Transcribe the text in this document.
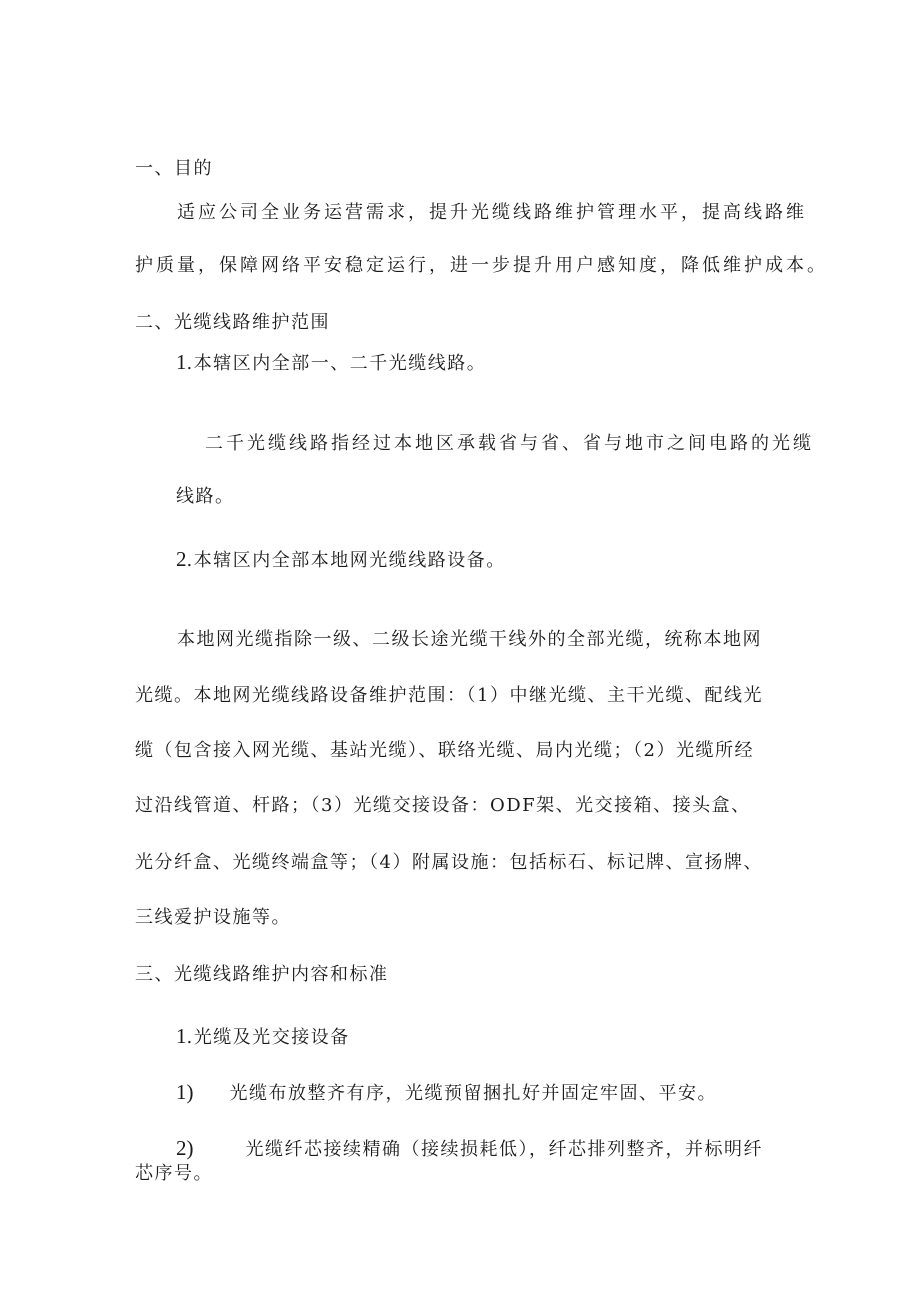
一、目的
适应公司全业务运营需求，提升光缆线路维护管理水平，提高线路维
护质量，保障网络平安稳定运行，进一步提升用户感知度，降低维护成本。
二、光缆线路维护范围
1.本辖区内全部一、二千光缆线路。
二千光缆线路指经过本地区承载省与省、省与地市之间电路的光缆
线路。
2.本辖区内全部本地网光缆线路设备。
本地网光缆指除一级、二级长途光缆干线外的全部光缆，统称本地网
光缆。本地网光缆线路设备维护范围：（1）中继光缆、主干光缆、配线光
缆（包含接入网光缆、基站光缆）、联络光缆、局内光缆；（2）光缆所经
过沿线管道、杆路；（3）光缆交接设备：ODF架、光交接箱、接头盒、
光分纤盒、光缆终端盒等；（4）附属设施：包括标石、标记牌、宣扬牌、
三线爱护设施等。
三、光缆线路维护内容和标准
1.光缆及光交接设备
1) 光缆布放整齐有序，光缆预留捆扎好并固定牢固、平安。
2)	光缆纤芯接续精确（接续损耗低），纤芯排列整齐，并标明纤
芯序号。
